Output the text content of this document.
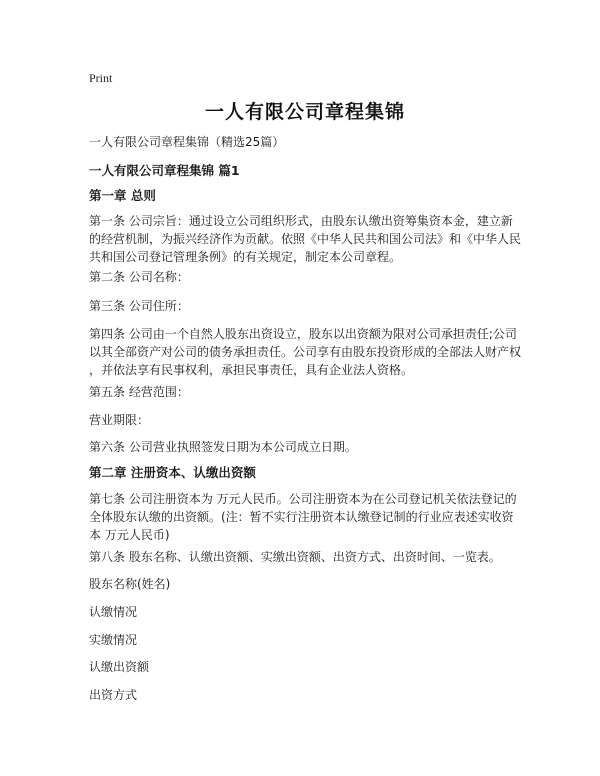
Print
一人有限公司章程集锦
一人有限公司章程集锦（精选25篇）
一人有限公司章程集锦 篇1
第一章 总则
第一条 公司宗旨：通过设立公司组织形式，由股东认缴出资筹集资本金，建立新
的经营机制，为振兴经济作为贡献。依照《中华人民共和国公司法》和《中华人民
共和国公司登记管理条例》的有关规定，制定本公司章程。
第二条 公司名称：
第三条 公司住所：
第四条 公司由一个自然人股东出资设立，股东以出资额为限对公司承担责任;公司
以其全部资产对公司的债务承担责任。公司享有由股东投资形成的全部法人财产权
，并依法享有民事权利，承担民事责任，具有企业法人资格。
第五条 经营范围：
营业期限：
第六条 公司营业执照签发日期为本公司成立日期。
第二章 注册资本、认缴出资额
第七条 公司注册资本为 万元人民币。公司注册资本为在公司登记机关依法登记的
全体股东认缴的出资额。(注：暂不实行注册资本认缴登记制的行业应表述实收资
本 万元人民币)
第八条 股东名称、认缴出资额、实缴出资额、出资方式、出资时间、一览表。
股东名称(姓名)
认缴情况
实缴情况
认缴出资额
出资方式
